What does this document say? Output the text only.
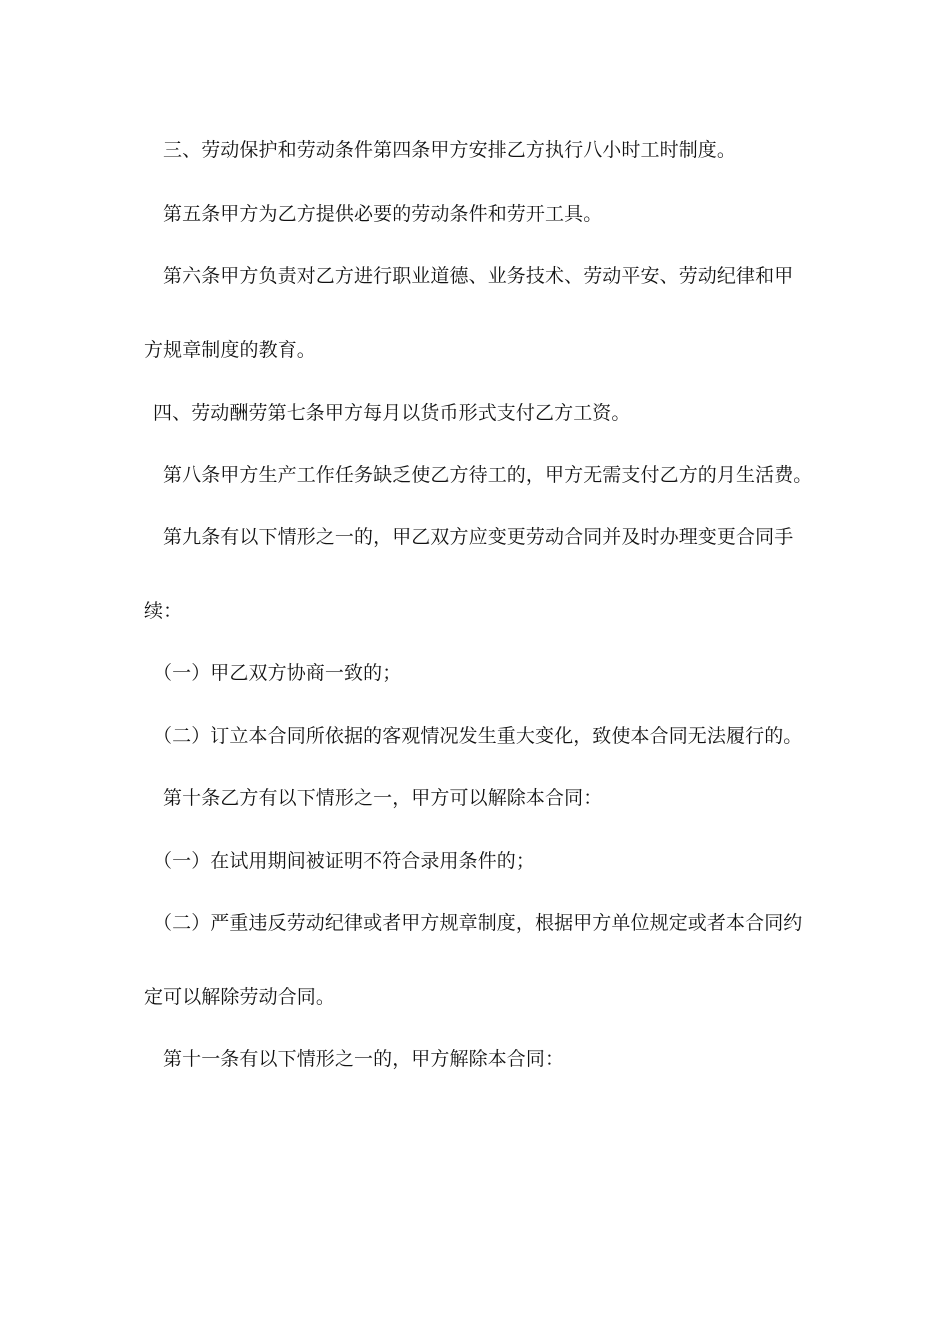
三、劳动保护和劳动条件第四条甲方安排乙方执行八小时工时制度。
第五条甲方为乙方提供必要的劳动条件和劳开工具。
第六条甲方负责对乙方进行职业道德、业务技术、劳动平安、劳动纪律和甲
方规章制度的教育。
四、劳动酬劳第七条甲方每月以货币形式支付乙方工资。
第八条甲方生产工作任务缺乏使乙方待工的，甲方无需支付乙方的月生活费。
第九条有以下情形之一的，甲乙双方应变更劳动合同并及时办理变更合同手
续：
（一）甲乙双方协商一致的；
（二）订立本合同所依据的客观情况发生重大变化，致使本合同无法履行的。
第十条乙方有以下情形之一，甲方可以解除本合同：
（一）在试用期间被证明不符合录用条件的；
（二）严重违反劳动纪律或者甲方规章制度，根据甲方单位规定或者本合同约
定可以解除劳动合同。
第十一条有以下情形之一的，甲方解除本合同：
